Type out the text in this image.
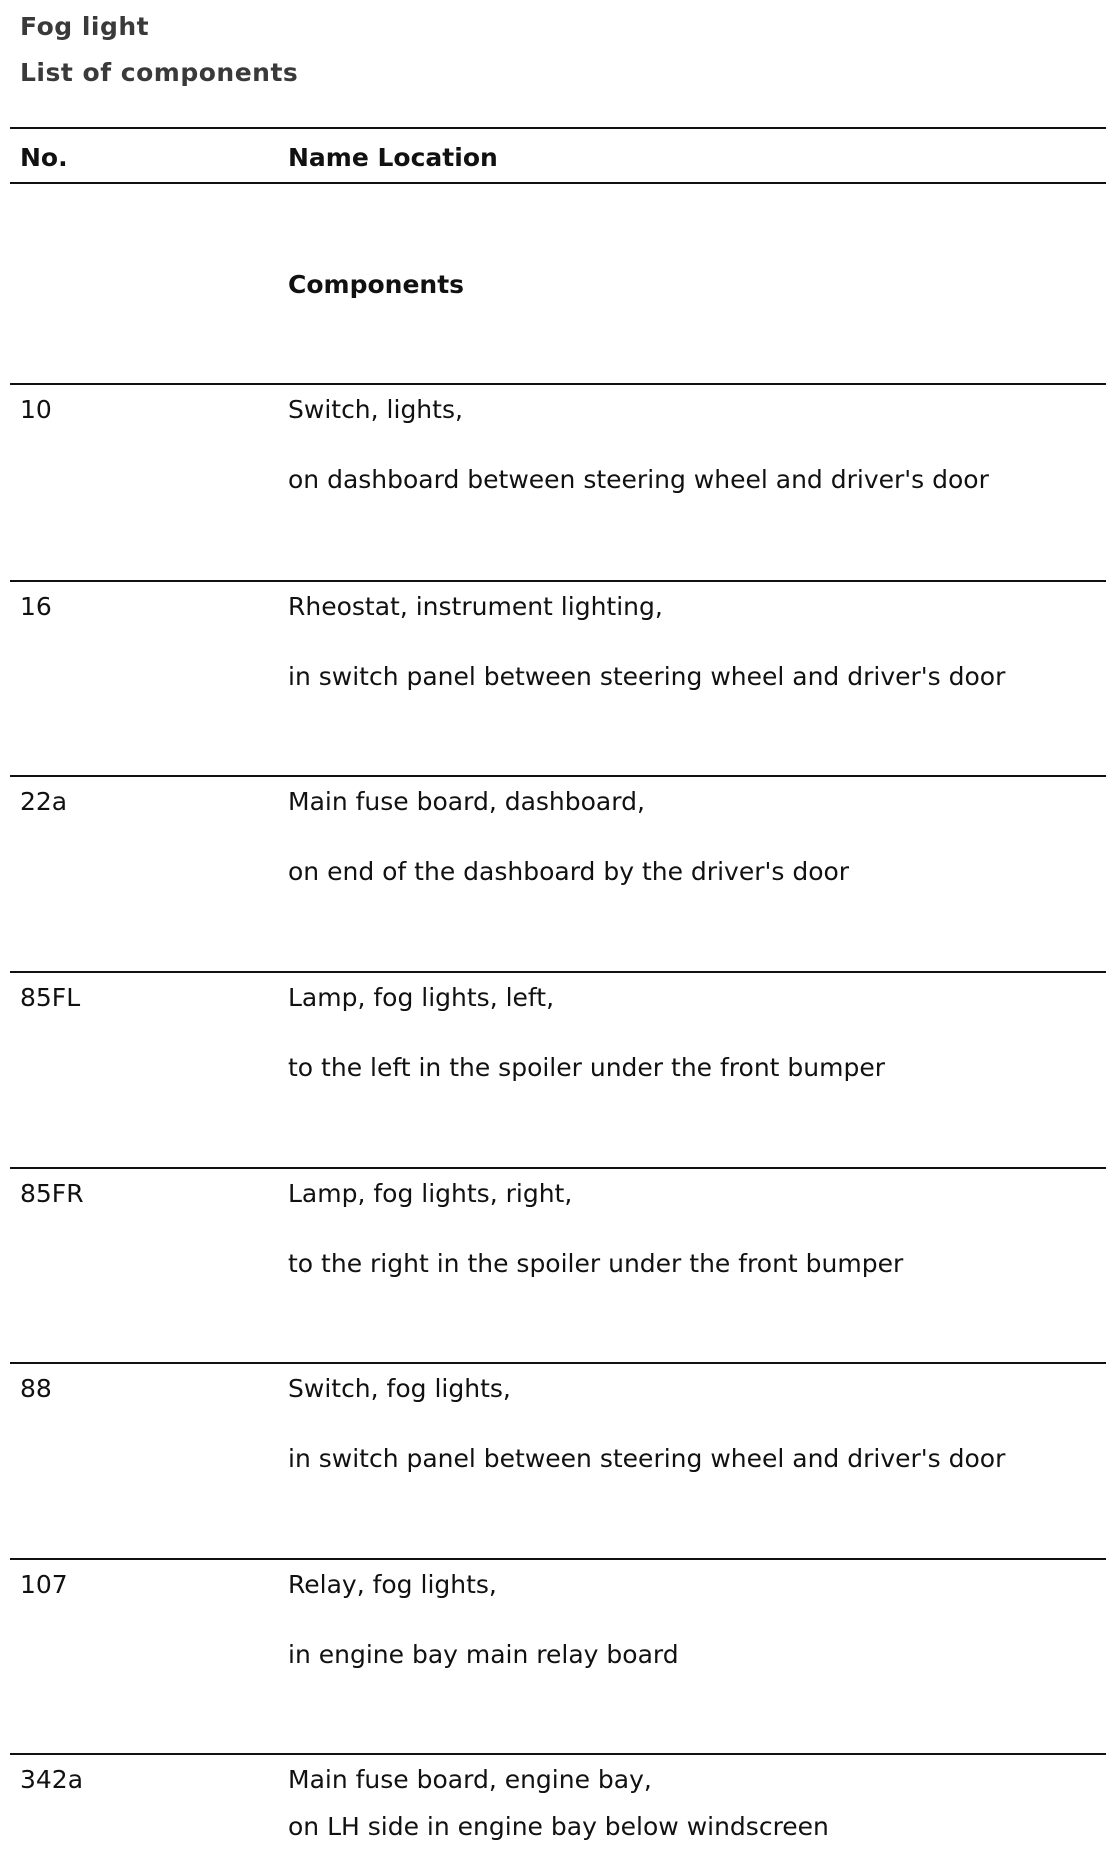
Fog light
List of components
No.	Name Location
Components
10	Switch, lights,
on dashboard between steering wheel and driver's door
16	Rheostat, instrument lighting,
in switch panel between steering wheel and driver's door
22a	Main fuse board, dashboard,
on end of the dashboard by the driver's door
85FL	Lamp, fog lights, left,
to the left in the spoiler under the front bumper
85FR	Lamp, fog lights, right,
to the right in the spoiler under the front bumper
88	Switch, fog lights,
in switch panel between steering wheel and driver's door
107	Relay, fog lights,
in engine bay main relay board
342a	Main fuse board, engine bay,
on LH side in engine bay below windscreen
